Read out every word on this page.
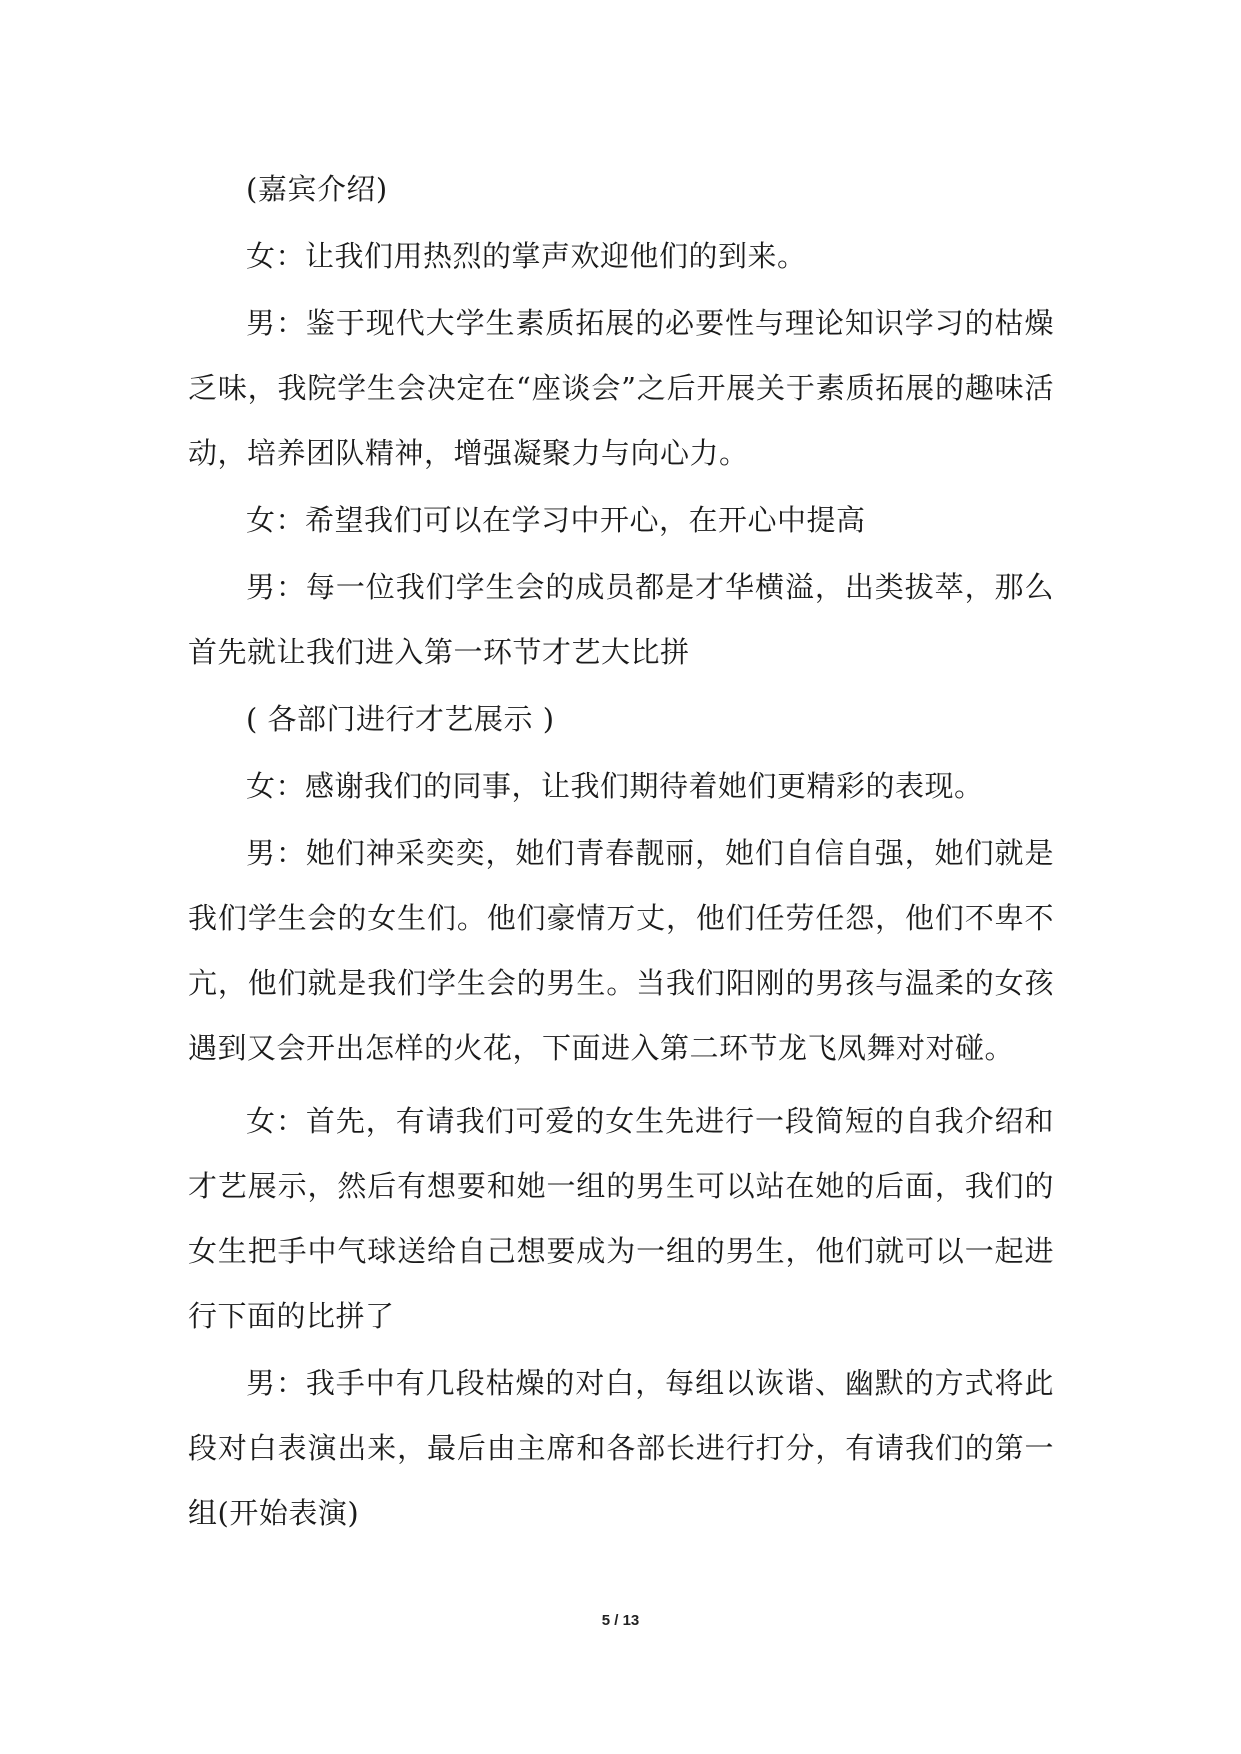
(嘉宾介绍)

女：让我们用热烈的掌声欢迎他们的到来。

男：鉴于现代大学生素质拓展的必要性与理论知识学习的枯燥乏味，我院学生会决定在“座谈会”之后开展关于素质拓展的趣味活动，培养团队精神，增强凝聚力与向心力。

女：希望我们可以在学习中开心，在开心中提高

男：每一位我们学生会的成员都是才华横溢，出类拔萃，那么首先就让我们进入第一环节才艺大比拼

( 各部门进行才艺展示 )

女：感谢我们的同事，让我们期待着她们更精彩的表现。

男：她们神采奕奕，她们青春靓丽，她们自信自强，她们就是我们学生会的女生们。他们豪情万丈，他们任劳任怨，他们不卑不亢，他们就是我们学生会的男生。当我们阳刚的男孩与温柔的女孩遇到又会开出怎样的火花，下面进入第二环节龙飞凤舞对对碰。

女：首先，有请我们可爱的女生先进行一段简短的自我介绍和才艺展示，然后有想要和她一组的男生可以站在她的后面，我们的女生把手中气球送给自己想要成为一组的男生，他们就可以一起进行下面的比拼了

男：我手中有几段枯燥的对白，每组以诙谐、幽默的方式将此段对白表演出来，最后由主席和各部长进行打分，有请我们的第一组(开始表演)

5 / 13
